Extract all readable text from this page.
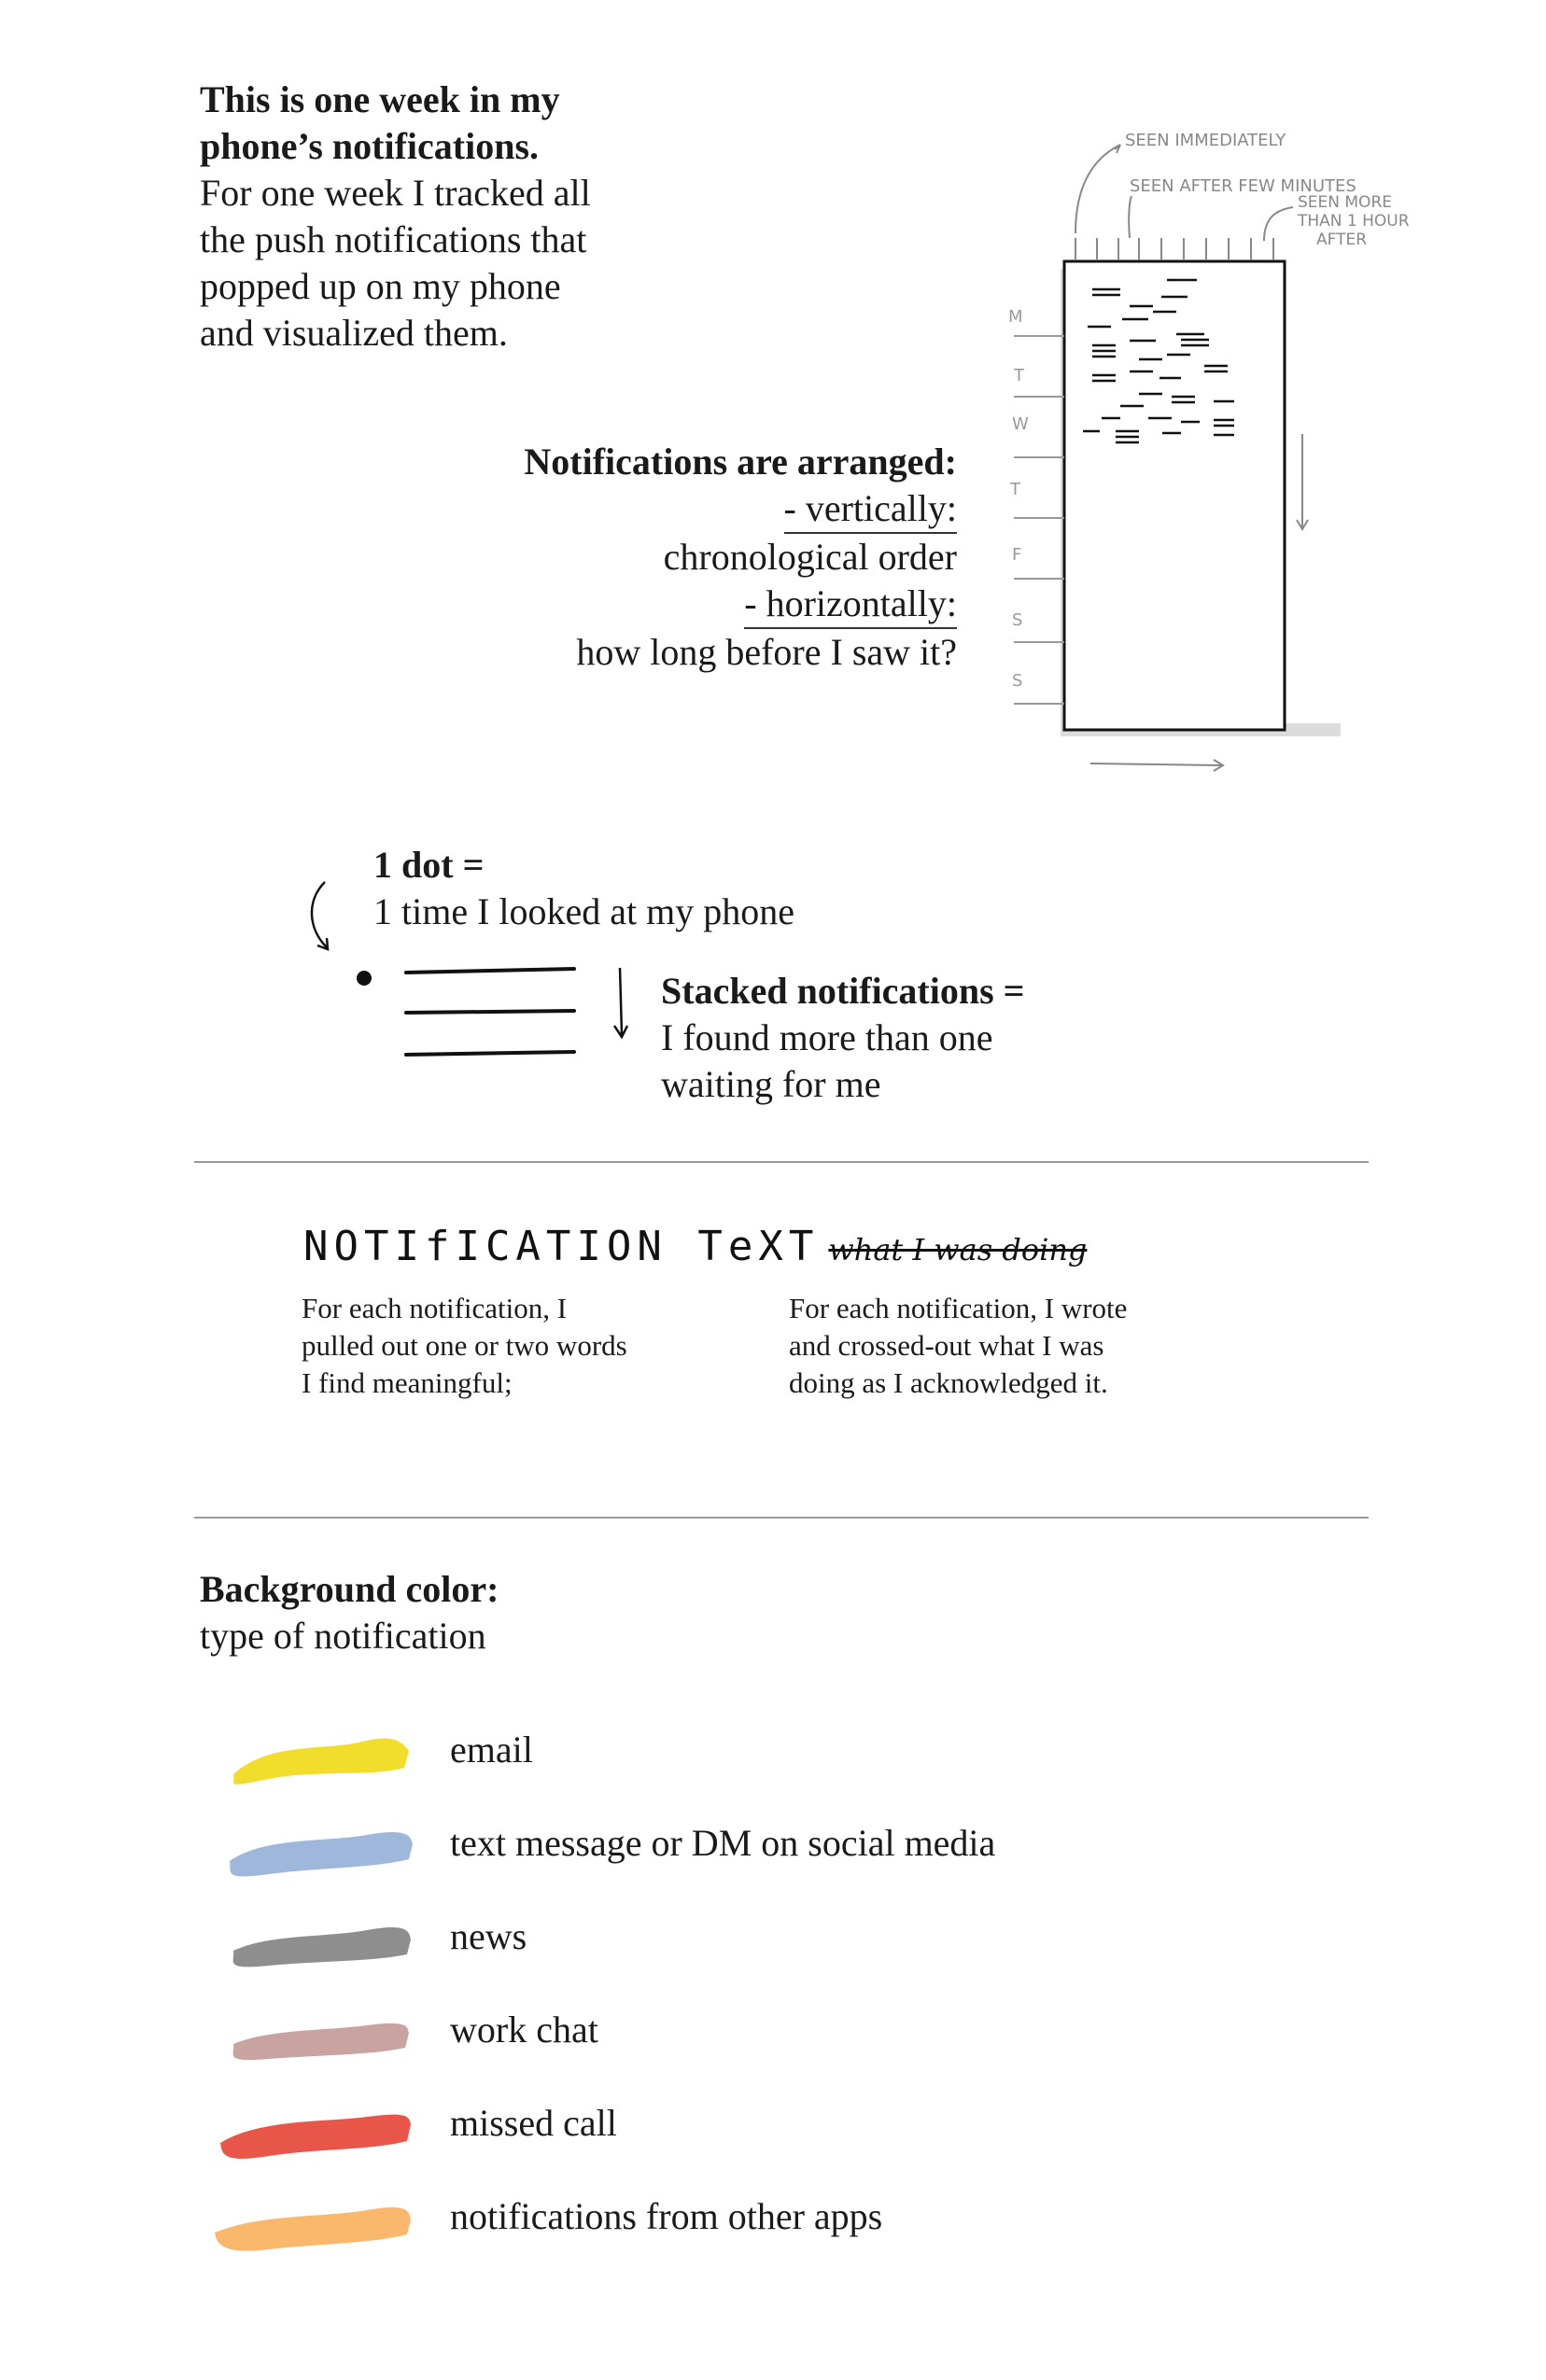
This is one week in my
phone’s notifications.
For one week I tracked all
the push notifications that
popped up on my phone
and visualized them.
Notifications are arranged:
- vertically:
chronological order
- horizontally:
how long before I saw it?
SEEN IMMEDIATELY
SEEN AFTER FEW MINUTES
SEEN MORE
THAN 1 HOUR
AFTER
M
T
W
T
F
S
S
1 dot =
1 time I looked at my phone
Stacked notifications =
I found more than one
waiting for me
NOTIfICATION TeXT what I was doing
For each notification, I
pulled out one or two words
I find meaningful;
For each notification, I wrote
and crossed-out what I was
doing as I acknowledged it.
Background color:
type of notification
email
text message or DM on social media
news
work chat
missed call
notifications from other apps
